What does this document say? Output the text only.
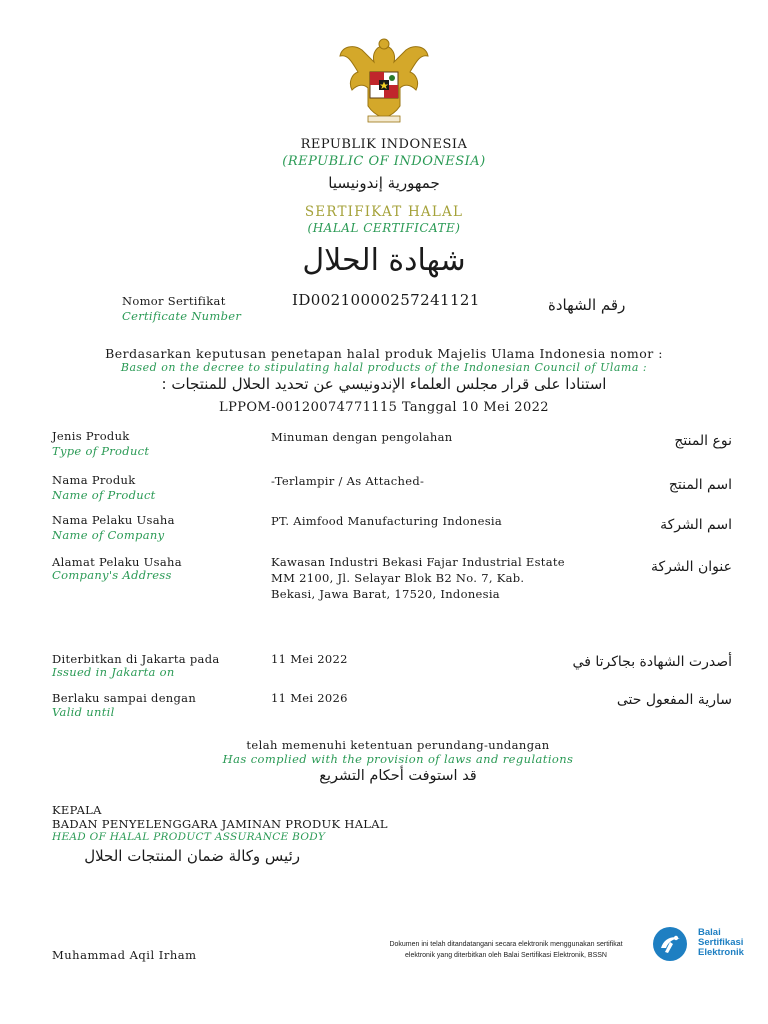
REPUBLIK INDONESIA
(REPUBLIC OF INDONESIA)
جمهورية إندونيسيا
SERTIFIKAT HALAL
(HALAL CERTIFICATE)
شهادة الحلال
Nomor Sertifikat
Certificate Number
ID00210000257241121	رقم الشهادة
Berdasarkan keputusan penetapan halal produk Majelis Ulama Indonesia nomor :
Based on the decree to stipulating halal products of the Indonesian Council of Ulama :
استنادا على قرار مجلس العلماء الإندونيسي عن تحديد الحلال للمنتجات :
LPPOM-00120074771115 Tanggal 10 Mei 2022
Jenis Produk
Type of Product
Minuman dengan pengolahan	نوع المنتج
Nama Produk
Name of Product
-Terlampir / As Attached-	اسم المنتج
Nama Pelaku Usaha
Name of Company
PT. Aimfood Manufacturing Indonesia	اسم الشركة
Alamat Pelaku Usaha
Company's Address
Kawasan Industri Bekasi Fajar Industrial Estate
MM 2100, Jl. Selayar Blok B2 No. 7, Kab.
Bekasi, Jawa Barat, 17520, Indonesia
عنوان الشركة
Diterbitkan di Jakarta pada
Issued in Jakarta on
11 Mei 2022	أصدرت الشهادة بجاكرتا في
Berlaku sampai dengan
Valid until
11 Mei 2026	سارية المفعول حتى
telah memenuhi ketentuan perundang-undangan
Has complied with the provision of laws and regulations
قد استوفت أحكام التشريع
KEPALA
BADAN PENYELENGGARA JAMINAN PRODUK HALAL
HEAD OF HALAL PRODUCT ASSURANCE BODY
رئيس وكالة ضمان المنتجات الحلال
Muhammad Aqil Irham
Dokumen ini telah ditandatangani secara elektronik menggunakan sertifikat
elektronik yang diterbitkan oleh Balai Sertifikasi Elektronik, BSSN
Balai
Sertifikasi
Elektronik
